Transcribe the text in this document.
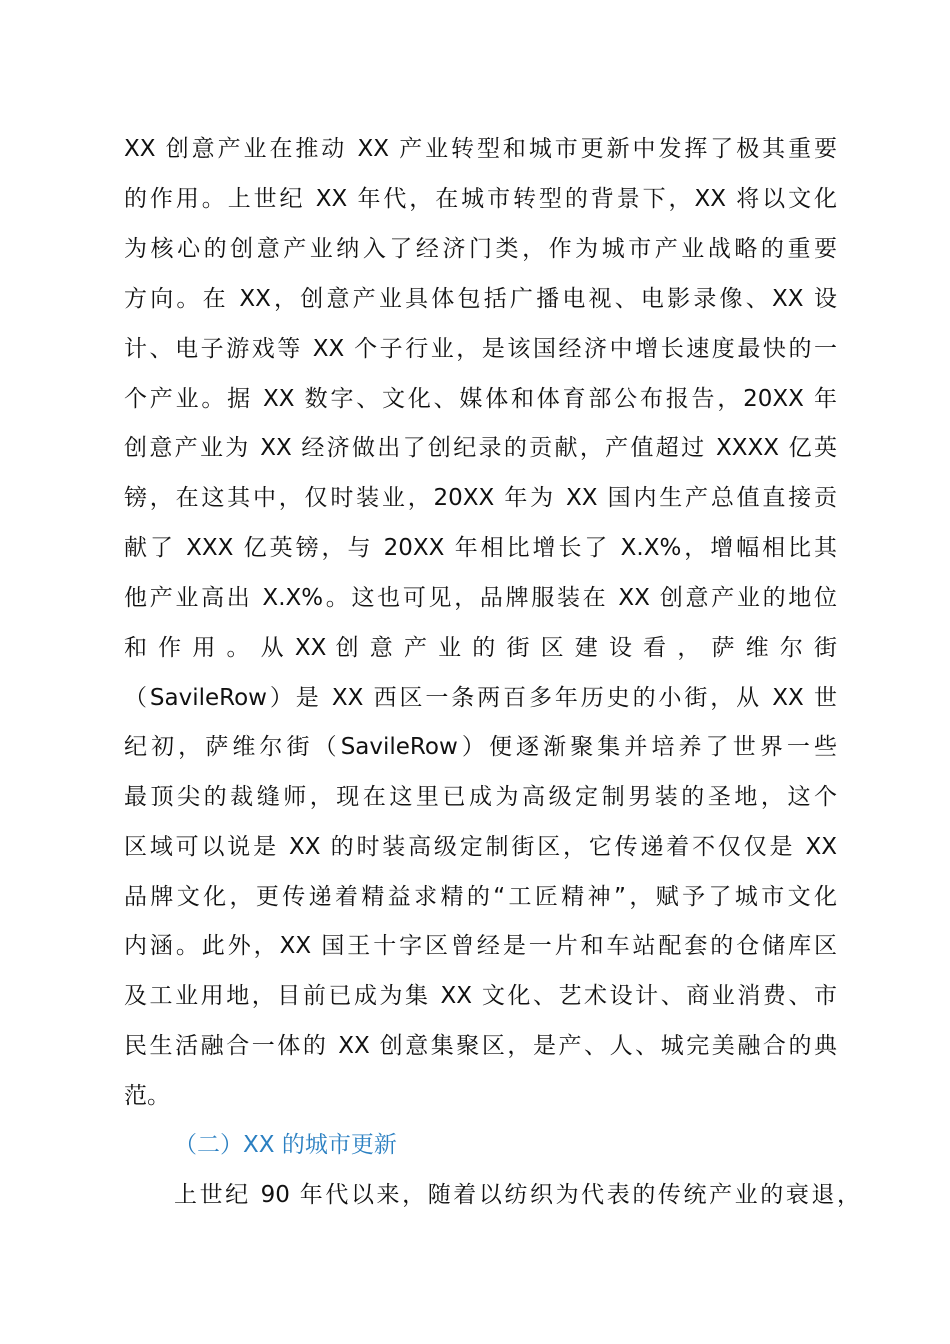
XX 创意产业在推动 XX 产业转型和城市更新中发挥了极其重要
的作用。上世纪 XX 年代，在城市转型的背景下，XX 将以文化
为核心的创意产业纳入了经济门类，作为城市产业战略的重要
方向。在 XX，创意产业具体包括广播电视、电影录像、XX 设
计、电子游戏等 XX 个子行业，是该国经济中增长速度最快的一
个产业。据 XX 数字、文化、媒体和体育部公布报告，20XX 年
创意产业为 XX 经济做出了创纪录的贡献，产值超过 XXXX 亿英
镑，在这其中，仅时装业，20XX 年为 XX 国内生产总值直接贡
献了 XXX 亿英镑，与 20XX 年相比增长了 X.X%，增幅相比其
他产业高出 X.X%。这也可见，品牌服装在 XX 创意产业的地位
和 作 用 。 从 XX 创 意 产 业 的 街 区 建 设 看 ， 萨 维 尔 街
（SavileRow）是 XX 西区一条两百多年历史的小街，从 XX 世
纪初，萨维尔街（SavileRow）便逐渐聚集并培养了世界一些
最顶尖的裁缝师，现在这里已成为高级定制男装的圣地，这个
区域可以说是 XX 的时装高级定制街区，它传递着不仅仅是 XX
品牌文化，更传递着精益求精的“工匠精神”，赋予了城市文化
内涵。此外，XX 国王十字区曾经是一片和车站配套的仓储库区
及工业用地，目前已成为集 XX 文化、艺术设计、商业消费、市
民生活融合一体的 XX 创意集聚区，是产、人、城完美融合的典
范。
（二）XX 的城市更新
上世纪 90 年代以来，随着以纺织为代表的传统产业的衰退，
